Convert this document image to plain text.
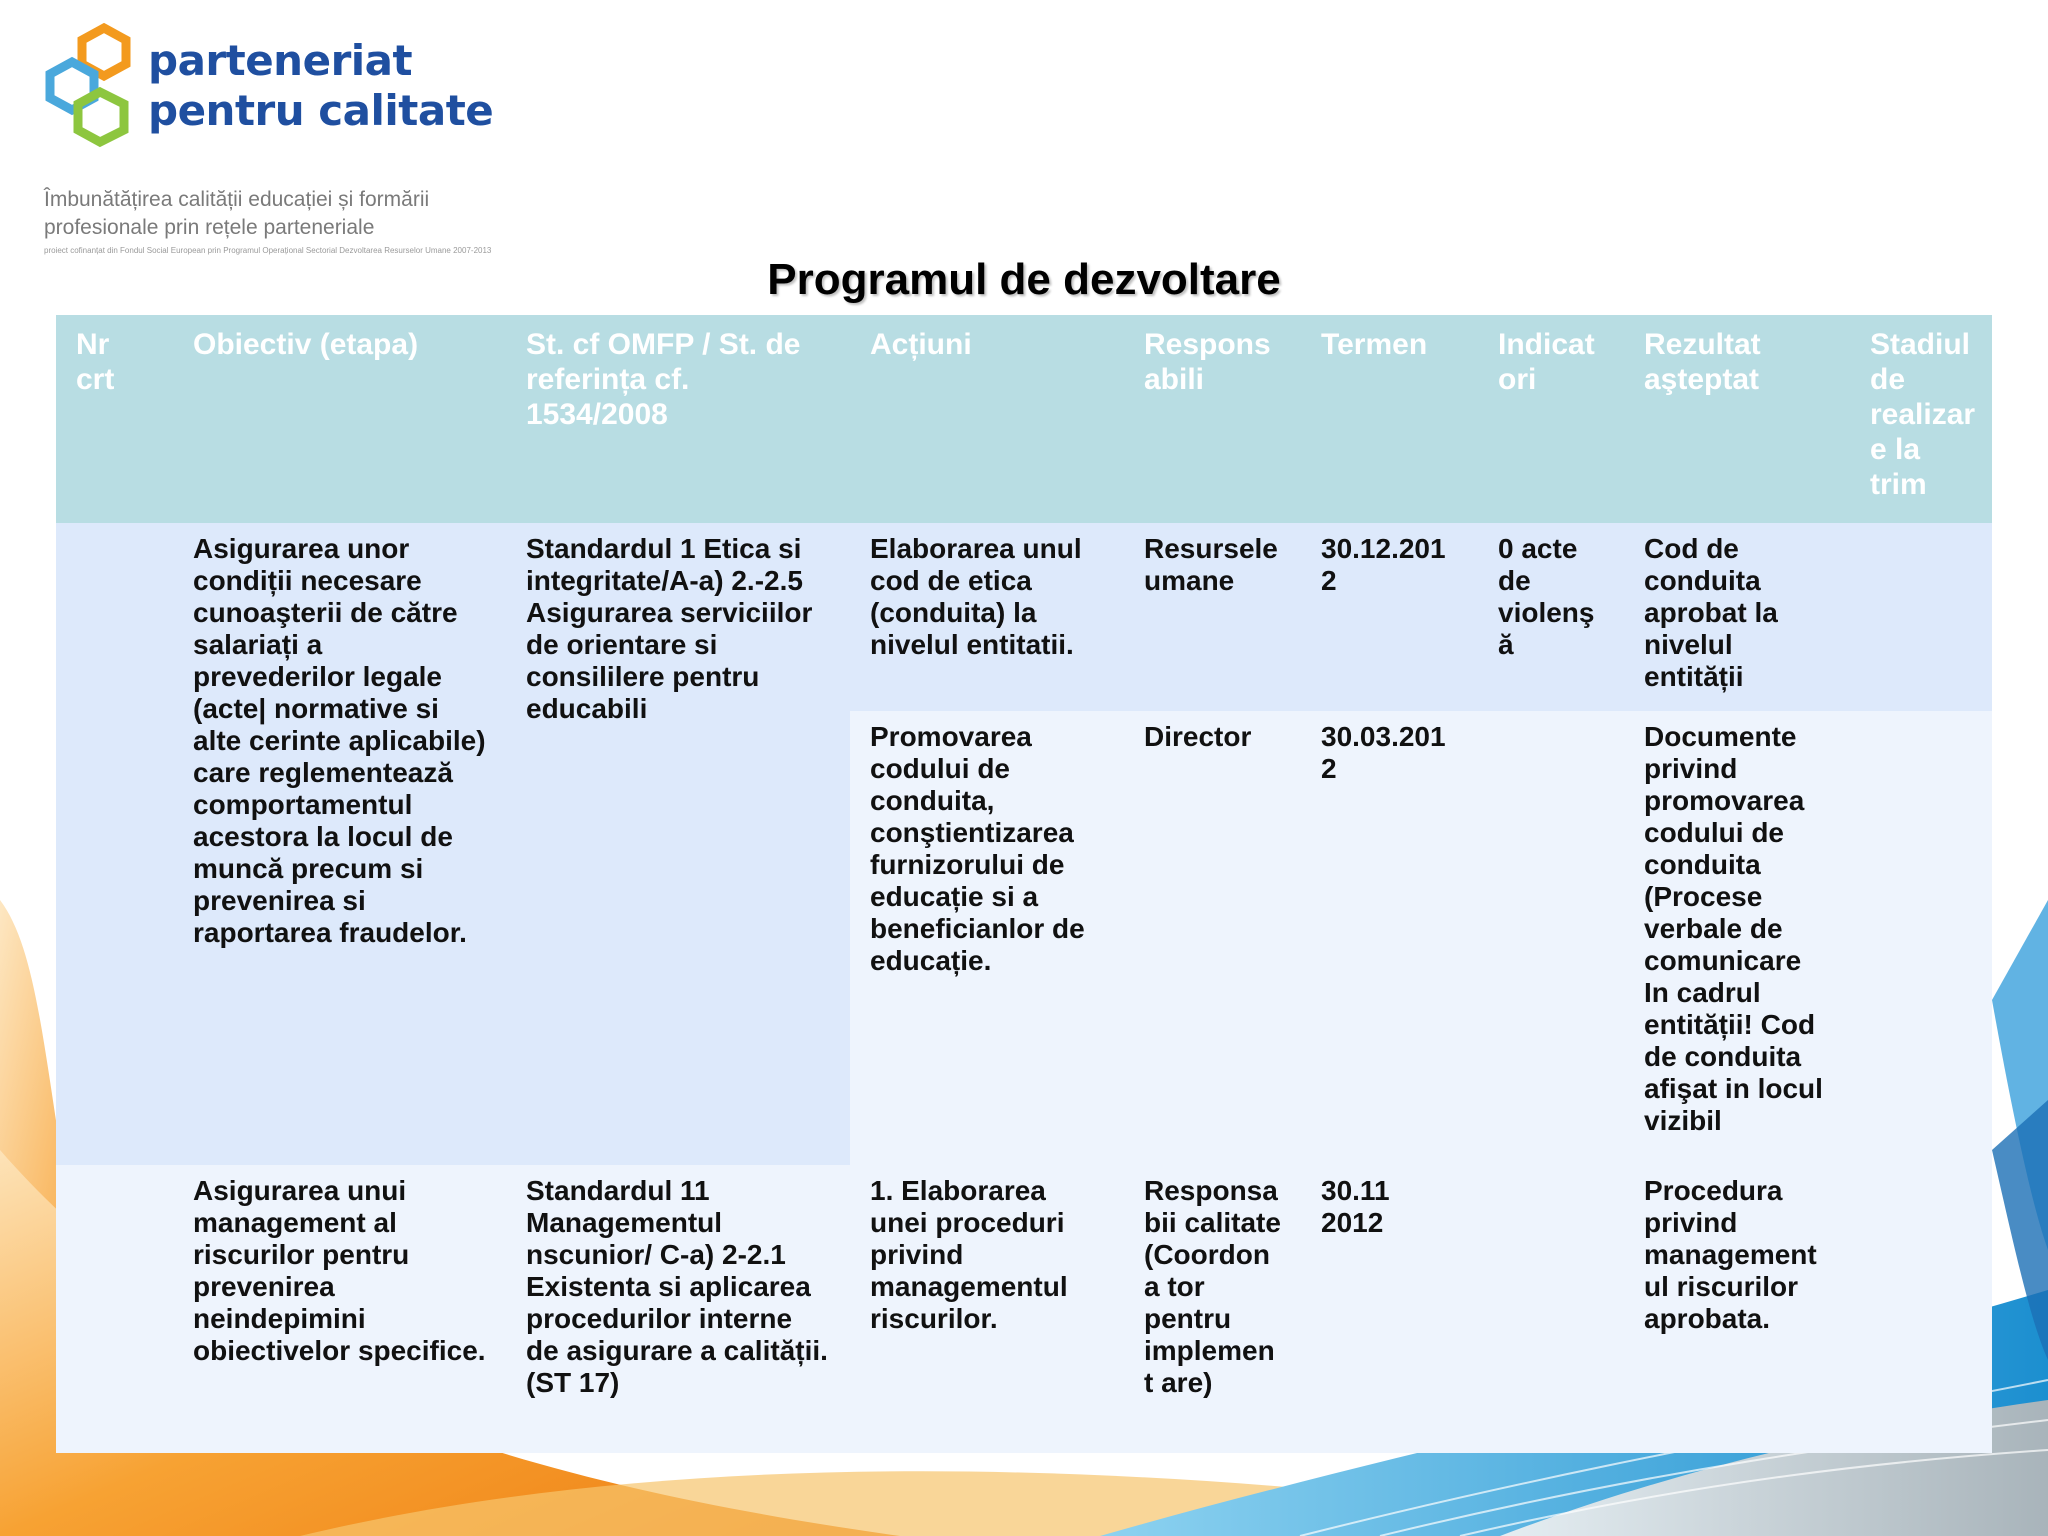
parteneriat
pentru calitate
Îmbunătățirea calității educației și formării
profesionale prin rețele parteneriale
proiect cofinanțat din Fondul Social European prin Programul Operațional Sectorial Dezvoltarea Resurselor Umane 2007-2013
Programul de dezvoltare
Nr crt	Obiectiv (etapa)	St. cf OMFP / St. de referința cf. 1534/2008	Acțiuni	Respons abili	Termen	Indicat ori	Rezultat aşteptat	Stadiul de realizar e la trim
	Asigurarea unor condiții necesare cunoaşterii de către salariați a prevederilor legale (acte| normative si alte cerinte aplicabile) care reglementează comportamentul acestora la locul de muncă precum si prevenirea si raportarea fraudelor.	Standardul 1 Etica si integritate/A-a) 2.-2.5 Asigurarea serviciilor de orientare si consililere pentru educabili	Elaborarea unul cod de etica (conduita) la nivelul entitatii.	Resursele umane	30.12.201 2	0 acte de violenş ă	Cod de conduita aprobat la nivelul entității	
			Promovarea codului de conduita, conştientizarea furnizorului de educație si a beneficianlor de educație.	Director	30.03.201 2		Documente privind promovarea codului de conduita (Procese verbale de comunicare In cadrul entității! Cod de conduita afişat in locul vizibil	
	Asigurarea unui management al riscurilor pentru prevenirea neindepimini obiectivelor specifice.	Standardul 11 Managementul nscunior/ C-a) 2-2.1 Existenta si aplicarea procedurilor interne de asigurare a calității. (ST 17)	1. Elaborarea unei proceduri privind managementul riscurilor.	Responsa bii calitate (Coordon a tor pentru implemen t are)	30.11 2012		Procedura privind management ul riscurilor aprobata.	
